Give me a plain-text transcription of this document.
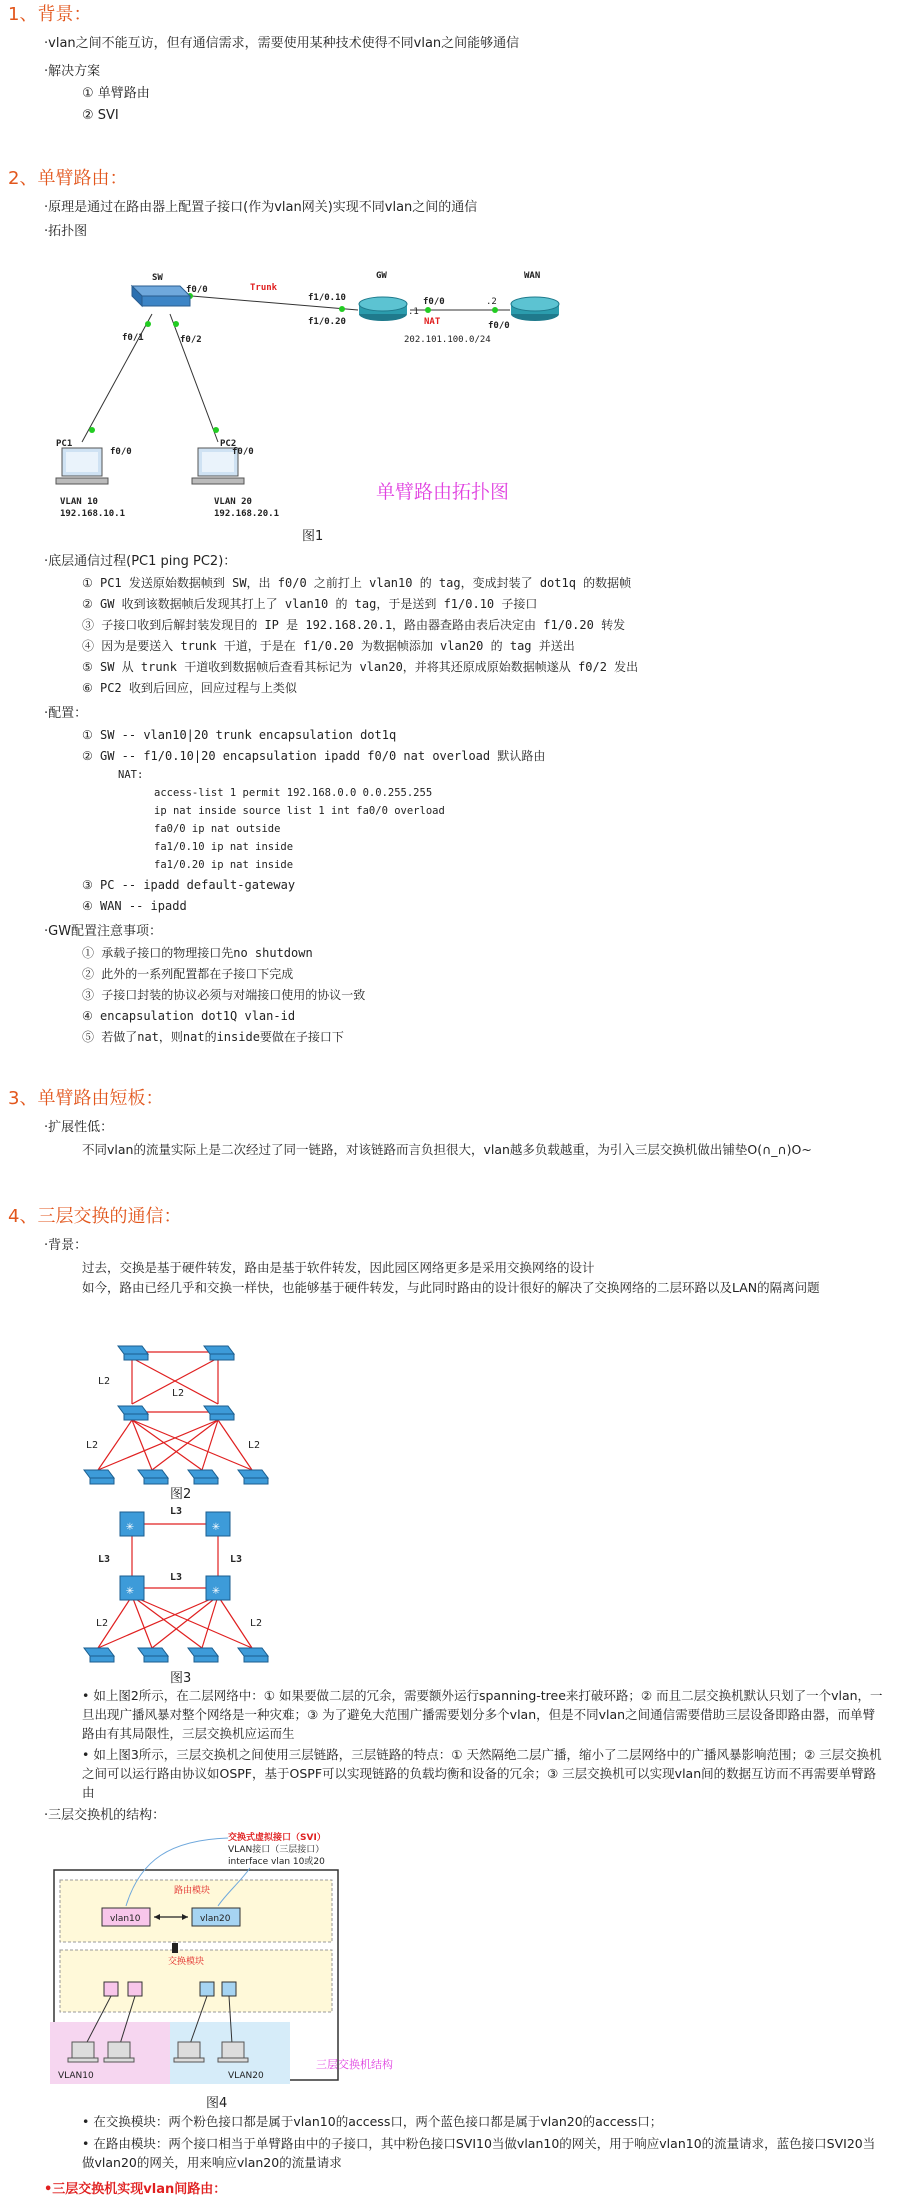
1、背景：
·vlan之间不能互访，但有通信需求，需要使用某种技术使得不同vlan之间能够通信
·解决方案
① 单臂路由
② SVI
2、单臂路由：
·原理是通过在路由器上配置子接口(作为vlan网关)实现不同vlan之间的通信
·拓扑图
SW
f0/0	Trunk
GW
f1/0.10
f1/0.20
f0/0
NAT
.1
.2
WAN
f0/0
202.101.100.0/24
f0/1	f0/2
PC1
f0/0
PC2
f0/0
VLAN 10
192.168.10.1
VLAN 20
192.168.20.1
单臂路由拓扑图
图1
·底层通信过程(PC1 ping PC2)：
① PC1 发送原始数据帧到 SW，出 f0/0 之前打上 vlan10 的 tag，变成封装了 dot1q 的数据帧
② GW 收到该数据帧后发现其打上了 vlan10 的 tag，于是送到 f1/0.10 子接口
③ 子接口收到后解封装发现目的 IP 是 192.168.20.1，路由器查路由表后决定由 f1/0.20 转发
④ 因为是要送入 trunk 干道，于是在 f1/0.20 为数据帧添加 vlan20 的 tag 并送出
⑤ SW 从 trunk 干道收到数据帧后查看其标记为 vlan20，并将其还原成原始数据帧遂从 f0/2 发出
⑥ PC2 收到后回应，回应过程与上类似
·配置：
① SW -- vlan10|20 trunk encapsulation dot1q
② GW -- f1/0.10|20 encapsulation ipadd f0/0 nat overload 默认路由
NAT:
access-list 1 permit 192.168.0.0 0.0.255.255
ip nat inside source list 1 int fa0/0 overload
fa0/0 ip nat outside
fa1/0.10 ip nat inside
fa1/0.20 ip nat inside
③ PC -- ipadd default-gateway
④ WAN -- ipadd
·GW配置注意事项：
① 承载子接口的物理接口先no shutdown
② 此外的一系列配置都在子接口下完成
③ 子接口封装的协议必须与对端接口使用的协议一致
④ encapsulation dot1Q vlan-id
⑤ 若做了nat，则nat的inside要做在子接口下
3、单臂路由短板：
·扩展性低：
不同vlan的流量实际上是二次经过了同一链路，对该链路而言负担很大，vlan越多负载越重，为引入三层交换机做出铺垫O(∩_∩)O~
4、三层交换的通信：
·背景：
过去，交换是基于硬件转发，路由是基于软件转发，因此园区网络更多是采用交换网络的设计
如今，路由已经几乎和交换一样快，也能够基于硬件转发，与此同时路由的设计很好的解决了交换网络的二层环路以及LAN的隔离问题
L2
L2
L2	L2
图2
✳	✳
✳	✳
L3
L3
L3
L3
L2	L2
图3
• 如上图2所示，在二层网络中：① 如果要做二层的冗余，需要额外运行spanning-tree来打破环路；② 而且二层交换机默认只划了一个vlan，一旦出现广播风暴对整个网络是一种灾难；③ 为了避免大范围广播需要划分多个vlan，但是不同vlan之间通信需要借助三层设备即路由器，而单臂路由有其局限性，三层交换机应运而生
• 如上图3所示，三层交换机之间使用三层链路，三层链路的特点：① 天然隔绝二层广播，缩小了二层网络中的广播风暴影响范围；② 三层交换机之间可以运行路由协议如OSPF，基于OSPF可以实现链路的负载均衡和设备的冗余；③ 三层交换机可以实现vlan间的数据互访而不再需要单臂路由
·三层交换机的结构：
路由模块
vlan10	vlan20
交换模块
VLAN10	VLAN20
交换式虚拟接口（SVI）
VLAN接口（三层接口）
interface vlan 10或20
三层交换机结构
图4
• 在交换模块：两个粉色接口都是属于vlan10的access口，两个蓝色接口都是属于vlan20的access口；
• 在路由模块：两个接口相当于单臂路由中的子接口，其中粉色接口SVI10当做vlan10的网关，用于响应vlan10的流量请求，蓝色接口SVI20当做vlan20的网关，用来响应vlan20的流量请求
•三层交换机实现vlan间路由：
